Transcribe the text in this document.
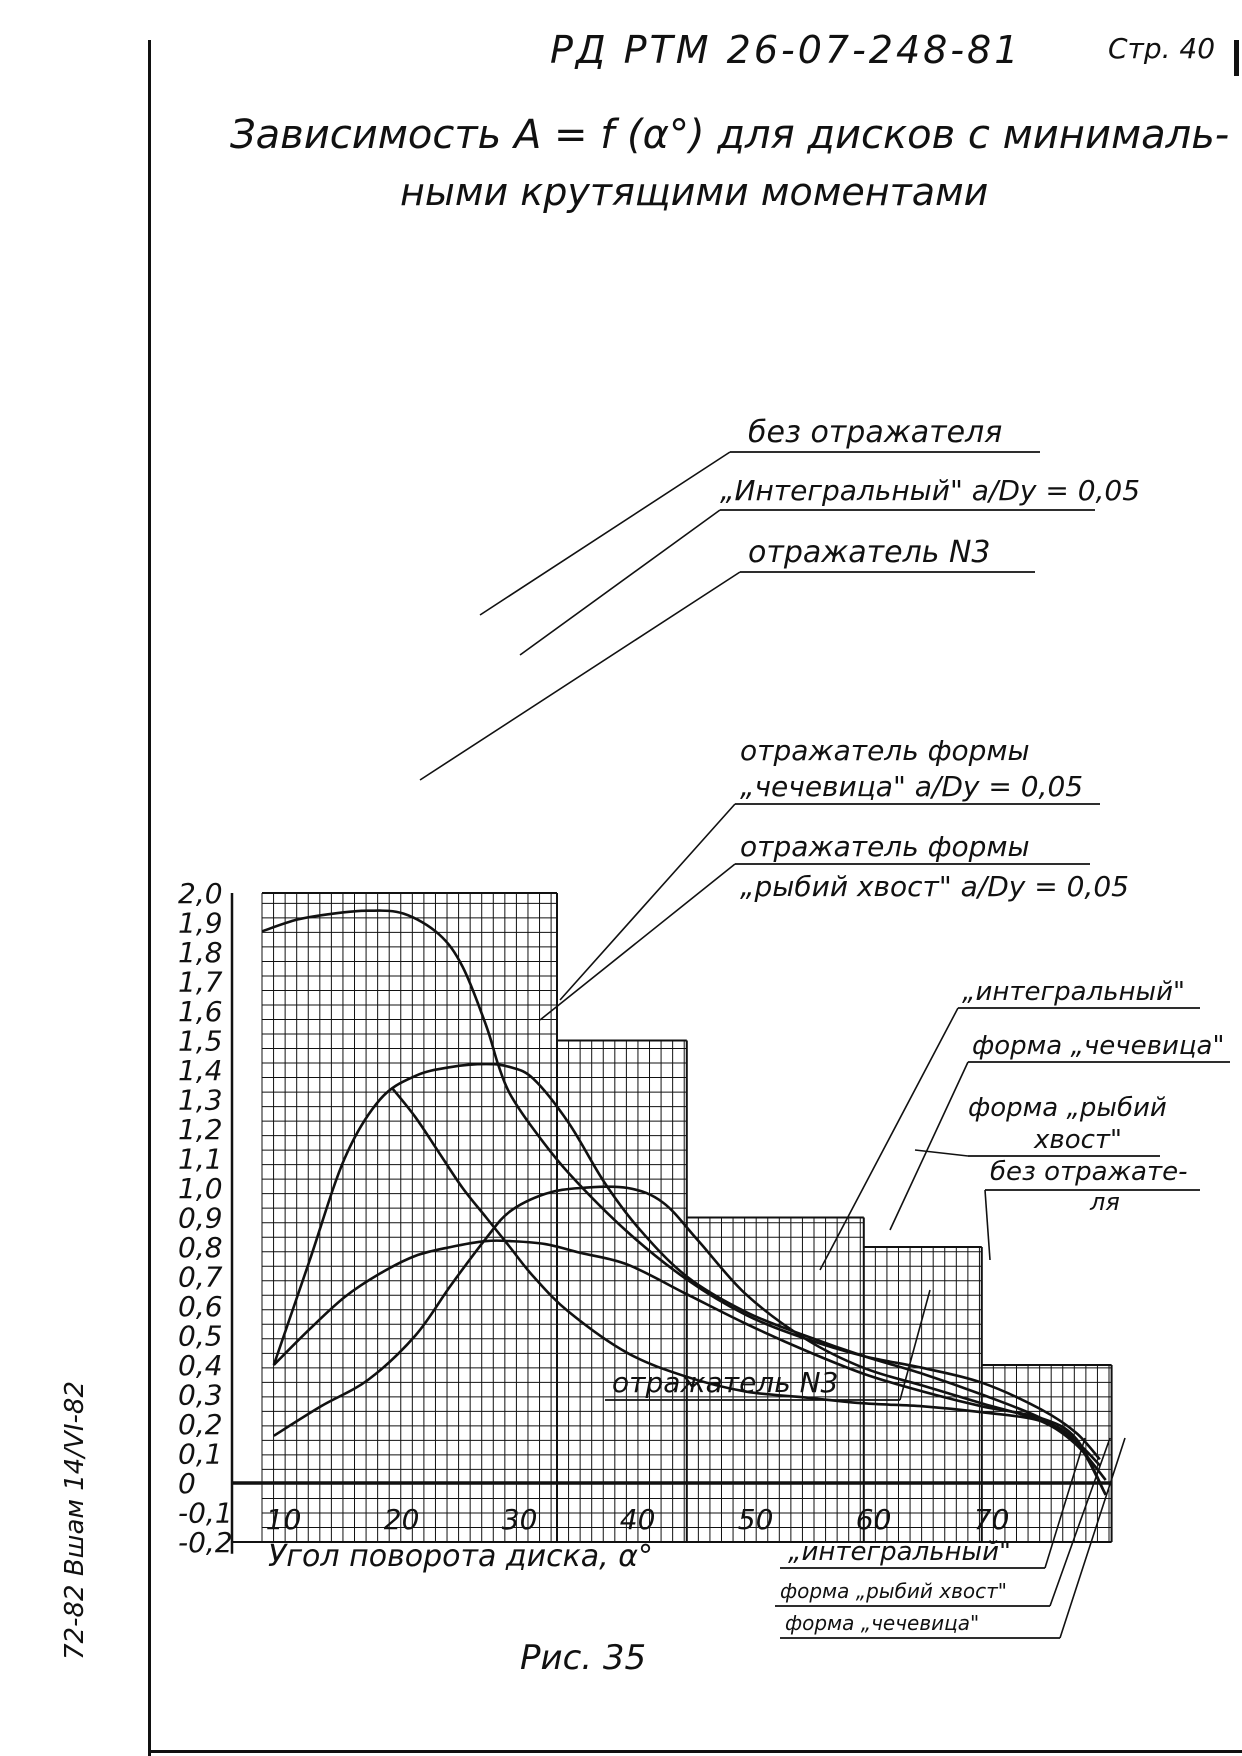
РД РТМ 26-07-248-81	Стр. 40
Зависимость A = f (α°) для дисков с минималь-
ными крутящими моментами
Рис. 35
72-82 Вшам 14/VI-82
2,0
1,9
1,8
1,7
1,6
1,5
1,4
1,3
1,2
1,1
1,0
0,9
0,8
0,7
0,6
0,5
0,4
0,3
0,2
0,1
0
-0,1
-0,2
10	20	30	40	50	60	70
без отражателя
„Интегральный" a/Dy = 0,05
отражатель N3
отражатель формы
„чечевица" a/Dy = 0,05
отражатель формы
„рыбий хвост" a/Dy = 0,05
„интегральный"
форма „чечевица"
форма „рыбий
хвост"
без отражате-
ля
отражатель N3
Угол поворота диска, α°	„интегральный"
форма „рыбий хвост"
форма „чечевица"
